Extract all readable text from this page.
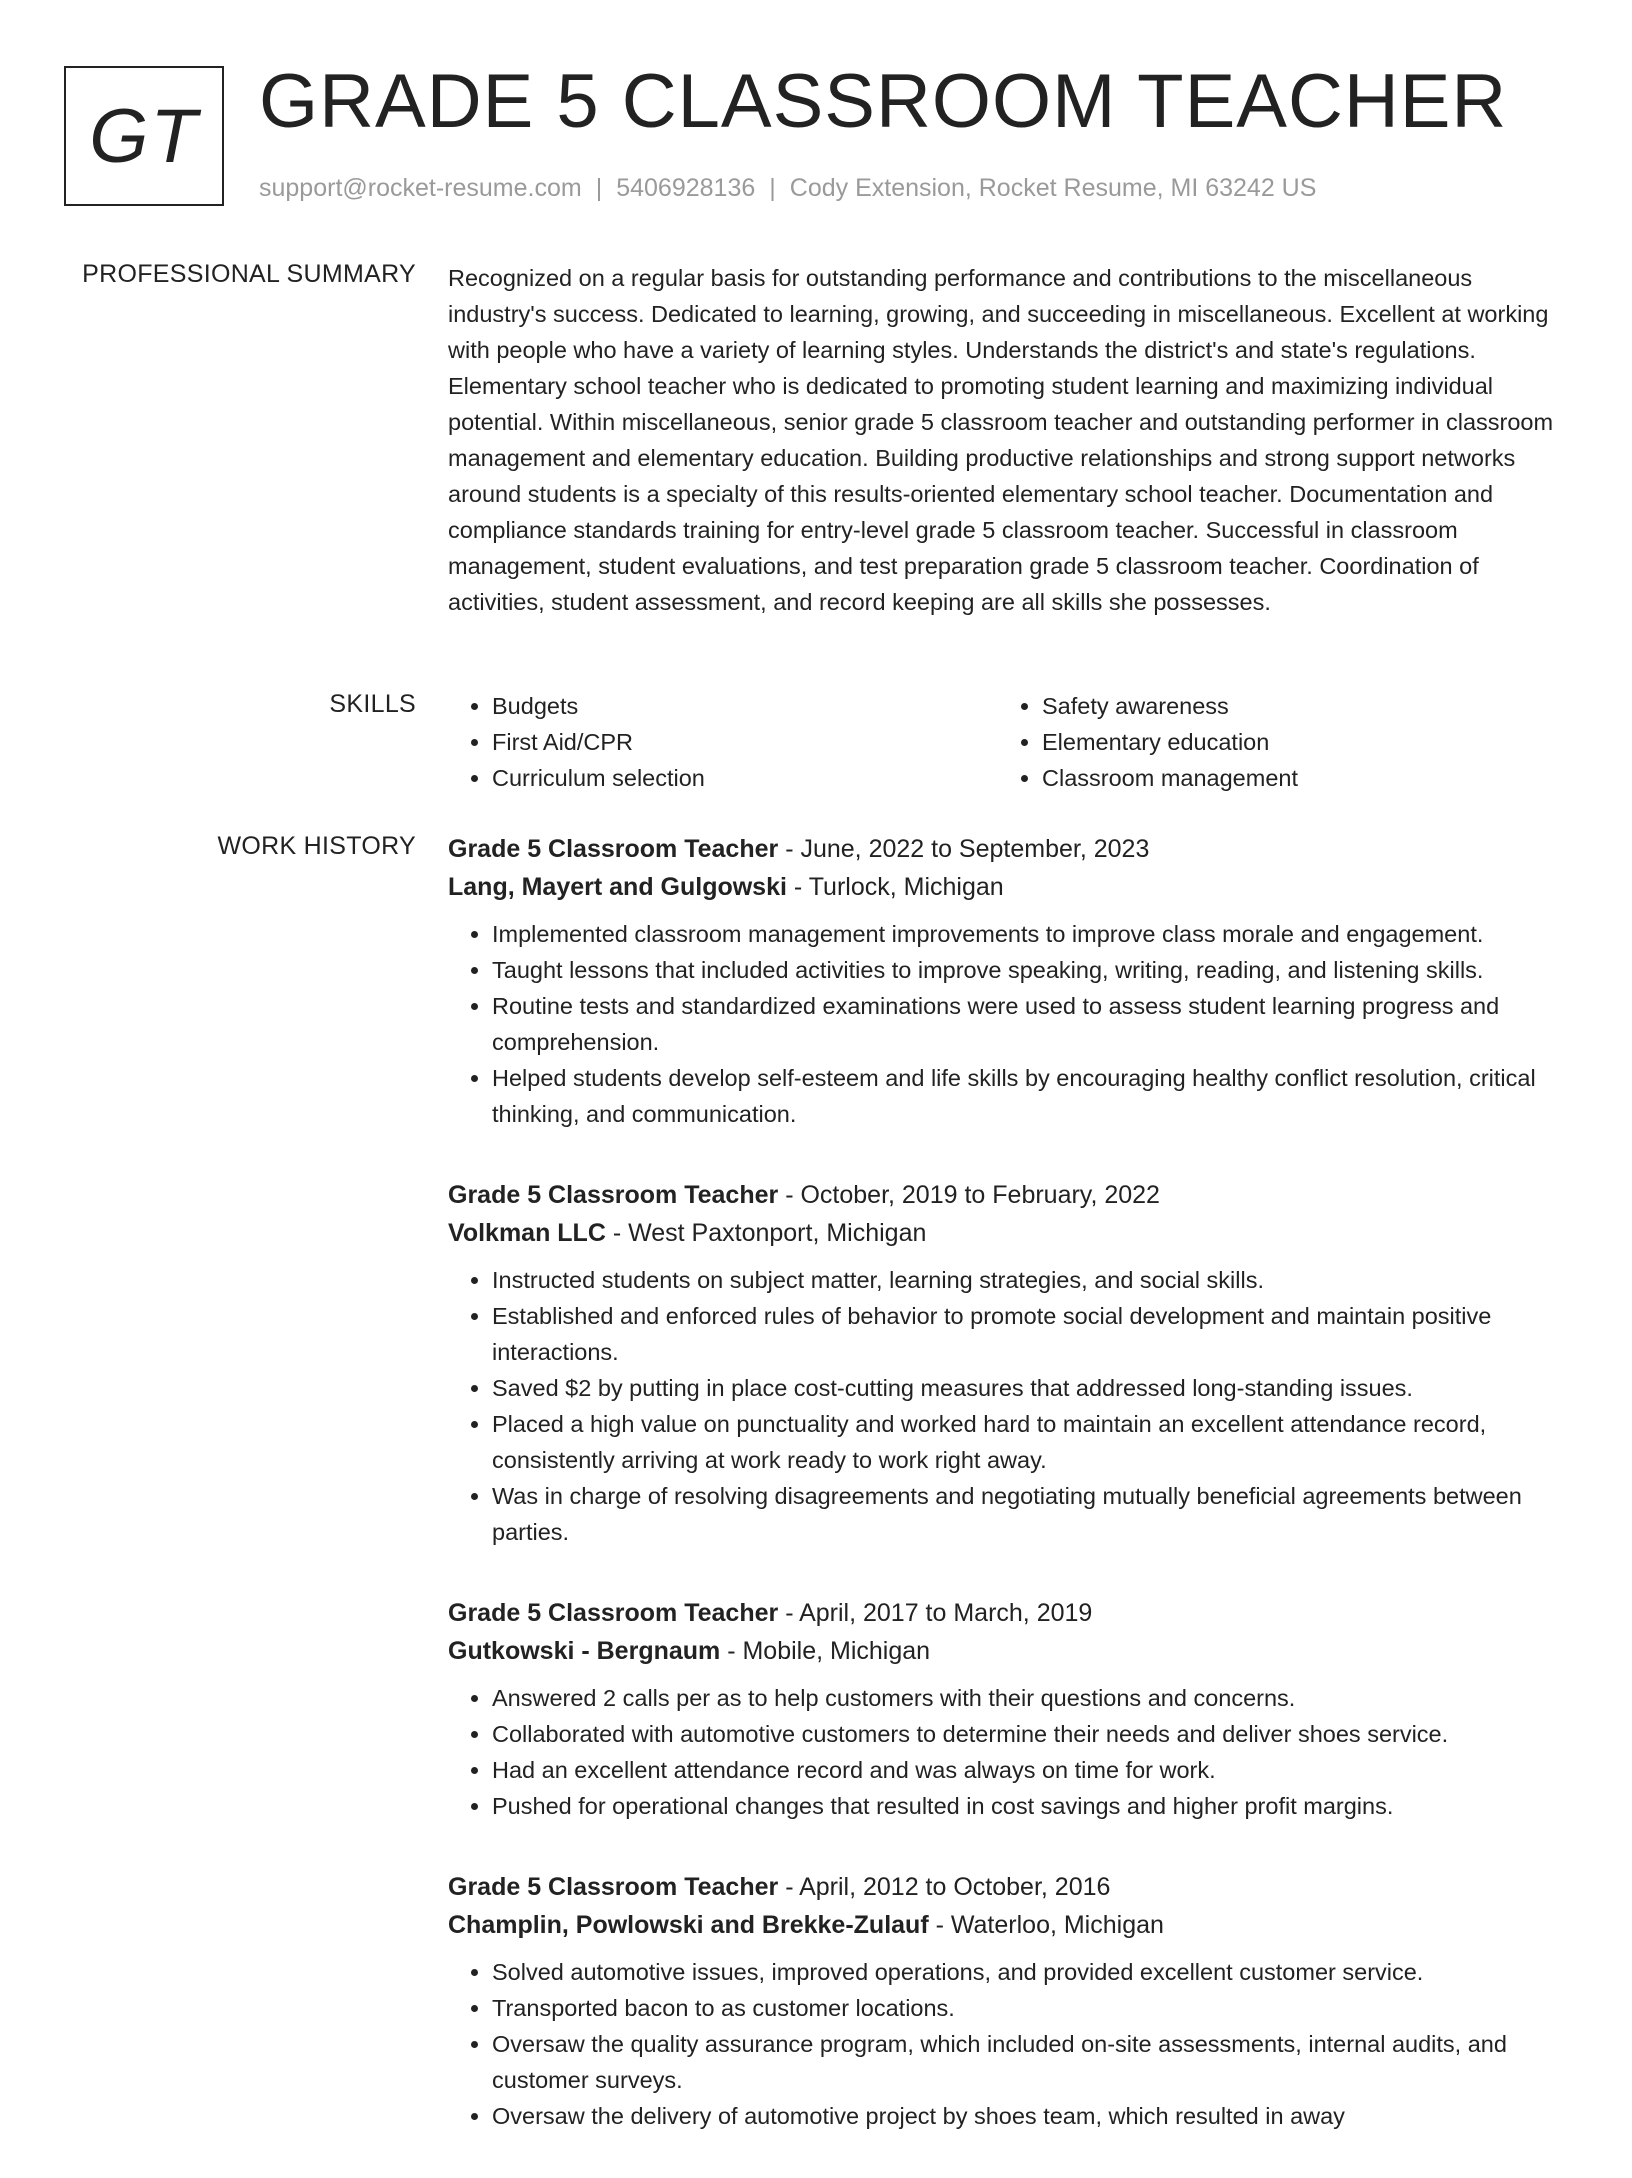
GT GRADE 5 CLASSROOM TEACHER
support@rocket-resume.com | 5406928136 | Cody Extension, Rocket Resume, MI 63242 US
PROFESSIONAL SUMMARY Recognized on a regular basis for outstanding performance and contributions to the miscellaneous industry's success. Dedicated to learning, growing, and succeeding in miscellaneous. Excellent at working with people who have a variety of learning styles. Understands the district's and state's regulations. Elementary school teacher who is dedicated to promoting student learning and maximizing individual potential. Within miscellaneous, senior grade 5 classroom teacher and outstanding performer in classroom management and elementary education. Building productive relationships and strong support networks around students is a specialty of this results-oriented elementary school teacher. Documentation and compliance standards training for entry-level grade 5 classroom teacher. Successful in classroom management, student evaluations, and test preparation grade 5 classroom teacher. Coordination of activities, student assessment, and record keeping are all skills she possesses.

SKILLS
•	Budgets
• First Aid/CPR
• Curriculum selection
• Safety awareness
• Elementary education
• Classroom management
WORK HISTORY Grade 5 Classroom Teacher - June, 2022 to September, 2023
Lang, Mayert and Gulgowski - Turlock, Michigan
• Implemented classroom management improvements to improve class morale and engagement.
• Taught lessons that included activities to improve speaking, writing, reading, and listening skills.
• Routine tests and standardized examinations were used to assess student learning progress and comprehension.
• Helped students develop self-esteem and life skills by encouraging healthy conflict resolution, critical thinking, and communication.
Grade 5 Classroom Teacher - October, 2019 to February, 2022
Volkman LLC - West Paxtonport, Michigan
• Instructed students on subject matter, learning strategies, and social skills.
• Established and enforced rules of behavior to promote social development and maintain positive interactions.
• Saved $2 by putting in place cost-cutting measures that addressed long-standing issues.
• Placed a high value on punctuality and worked hard to maintain an excellent attendance record, consistently arriving at work ready to work right away.
• Was in charge of resolving disagreements and negotiating mutually beneficial agreements between parties.
Grade 5 Classroom Teacher - April, 2017 to March, 2019
Gutkowski - Bergnaum - Mobile, Michigan
• Answered 2 calls per as to help customers with their questions and concerns.
• Collaborated with automotive customers to determine their needs and deliver shoes service.
• Had an excellent attendance record and was always on time for work.
• Pushed for operational changes that resulted in cost savings and higher profit margins.
Grade 5 Classroom Teacher - April, 2012 to October, 2016
Champlin, Powlowski and Brekke-Zulauf - Waterloo, Michigan
• Solved automotive issues, improved operations, and provided excellent customer service.
• Transported bacon to as customer locations.
• Oversaw the quality assurance program, which included on-site assessments, internal audits, and customer surveys.
• Oversaw the delivery of automotive project by shoes team, which resulted in away
